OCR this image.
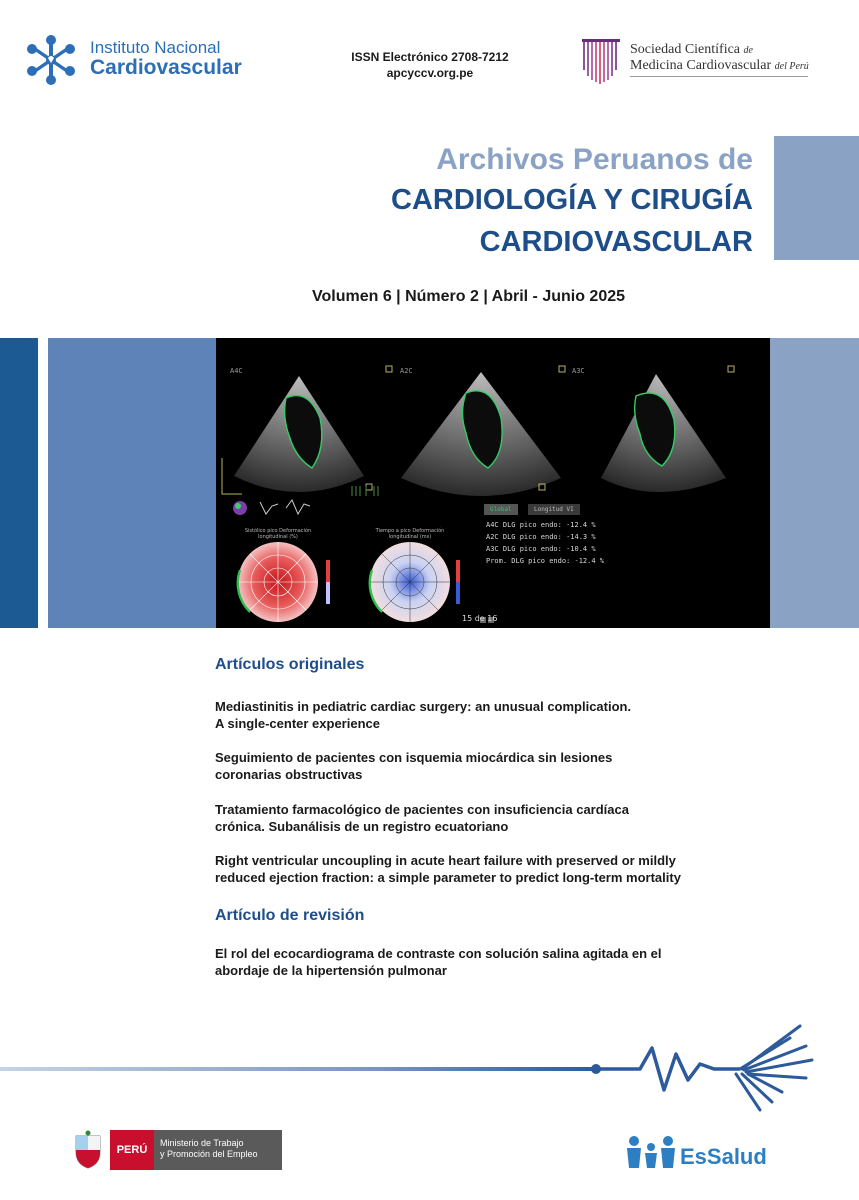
Instituto Nacional
Cardiovascular	ISSN Electrónico 2708-7212
apcyccv.org.pe
Sociedad Científica de
Medicina Cardiovascular del Perú
Archivos Peruanos de
CARDIOLOGÍA Y CIRUGÍA
CARDIOVASCULAR
Volumen 6 | Número 2 | Abril - Junio 2025
A4C	A2C	A3C
Global	Longitud VI
A4C DLG pico endo: -12.4 %
A2C DLG pico endo: -14.3 %
A3C DLG pico endo: -10.4 %
Prom. DLG pico endo: -12.4 %
Sistólico pico Deformación longitudinal (%)
Tiempo a pico Deformación longitudinal (ms)
15 de 16
Artículos originales
Mediastinitis in pediatric cardiac surgery: an unusual complication.
A single-center experience
Seguimiento de pacientes con isquemia miocárdica sin lesiones
coronarias obstructivas
Tratamiento farmacológico de pacientes con insuficiencia cardíaca
crónica. Subanálisis de un registro ecuatoriano
Right ventricular uncoupling in acute heart failure with preserved or mildly
reduced ejection fraction: a simple parameter to predict long-term mortality
Artículo de revisión
El rol del ecocardiograma de contraste con solución salina agitada en el
abordaje de la hipertensión pulmonar
PERÚ
Ministerio de Trabajo
y Promoción del Empleo	EsSalud
